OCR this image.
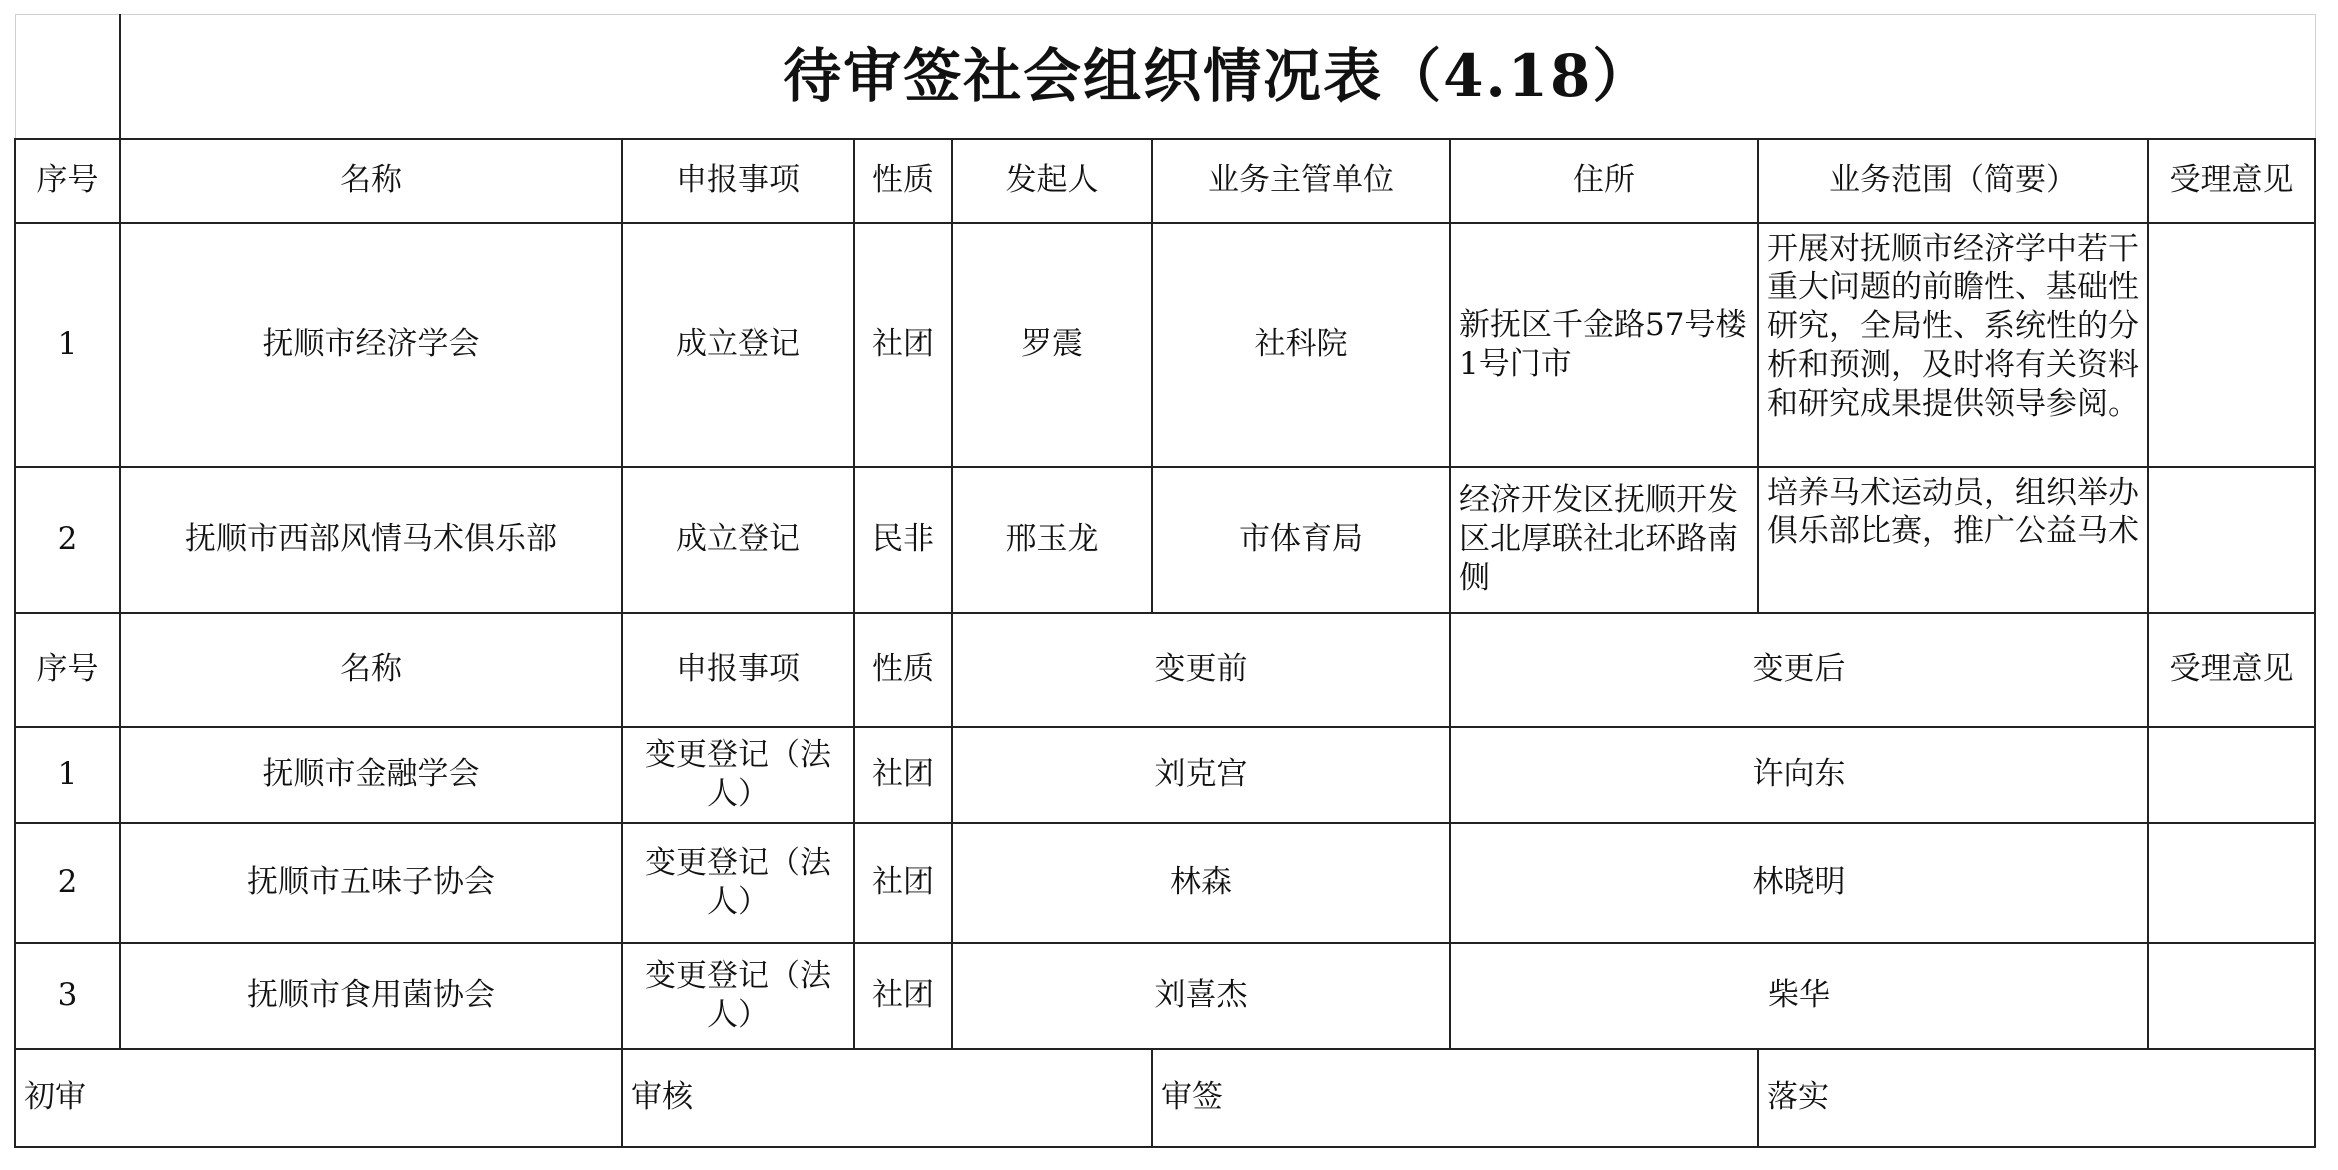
	待审签社会组织情况表（4.18）							
序号	名称	申报事项	性质	发起人	业务主管单位	住所	业务范围（简要）	受理意见
1	抚顺市经济学会	成立登记	社团	罗震	社科院	新抚区千金路57号楼1号门市	开展对抚顺市经济学中若干重大问题的前瞻性、基础性研究，全局性、系统性的分析和预测，及时将有关资料和研究成果提供领导参阅。	
2	抚顺市西部风情马术俱乐部	成立登记	民非	邢玉龙	市体育局	经济开发区抚顺开发区北厚联社北环路南侧	培养马术运动员，组织举办俱乐部比赛，推广公益马术	
序号	名称	申报事项	性质	变更前		变更后		受理意见
1	抚顺市金融学会	变更登记（法人）	社团	刘克宫		许向东		
2	抚顺市五味子协会	变更登记（法人）	社团	林森		林晓明		
3	抚顺市食用菌协会	变更登记（法人）	社团	刘喜杰		柴华		
初审		审核			审签		落实	
